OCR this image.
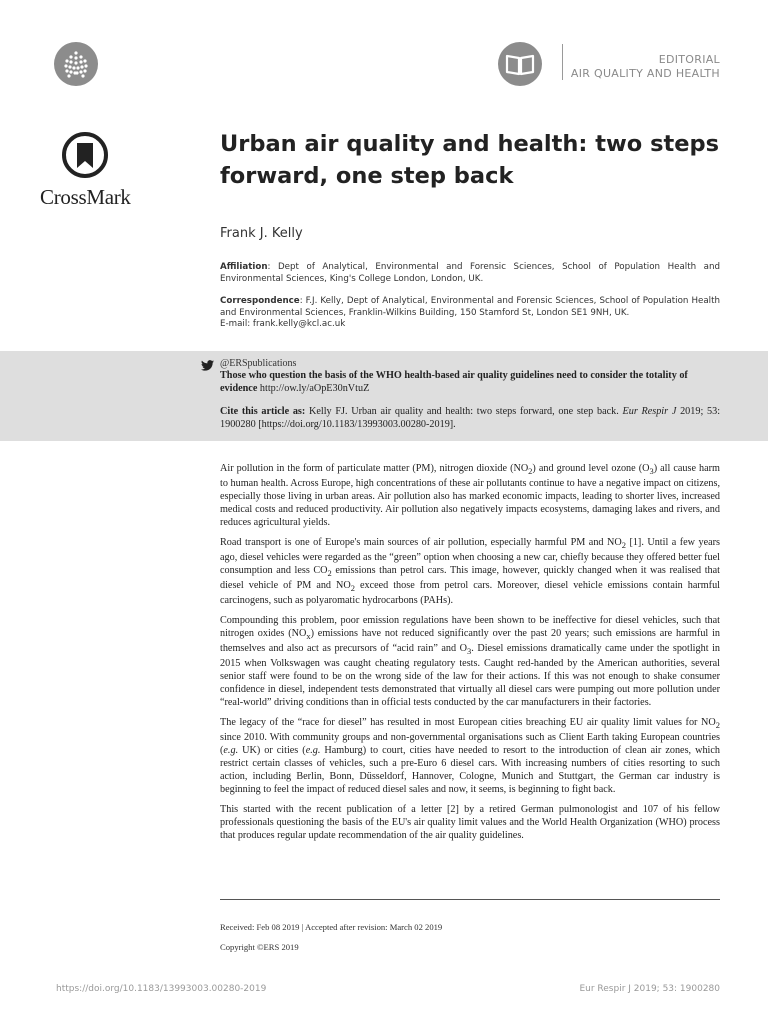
EDITORIAL
AIR QUALITY AND HEALTH
CrossMark
Urban air quality and health: two steps forward, one step back
Frank J. Kelly
Affiliation: Dept of Analytical, Environmental and Forensic Sciences, School of Population Health and Environmental Sciences, King's College London, London, UK.
Correspondence: F.J. Kelly, Dept of Analytical, Environmental and Forensic Sciences, School of Population Health and Environmental Sciences, Franklin-Wilkins Building, 150 Stamford St, London SE1 9NH, UK.
E-mail: frank.kelly@kcl.ac.uk
@ERSpublications
Those who question the basis of the WHO health-based air quality guidelines need to consider the totality of evidence http://ow.ly/aOpE30nVtuZ
Cite this article as: Kelly FJ. Urban air quality and health: two steps forward, one step back. Eur Respir J 2019; 53: 1900280 [https://doi.org/10.1183/13993003.00280-2019].

Air pollution in the form of particulate matter (PM), nitrogen dioxide $(NO_2)$ and ground level ozone $(O_3)$ all cause harm to human health. Across Europe, high concentrations of these air pollutants continue to have a negative impact on citizens, especially those living in urban areas. Air pollution also has marked economic impacts, leading to shorter lives, increased medical costs and reduced productivity. Air pollution also negatively impacts ecosystems, damaging lakes and rivers, and reduces agricultural yields.

Road transport is one of Europe's main sources of air pollution, especially harmful PM and $NO_2$ [1]. Until a few years ago, diesel vehicles were regarded as the “green” option when choosing a new car, chiefly because they offered better fuel consumption and less $CO_2$ emissions than petrol cars. This image, however, quickly changed when it was realised that diesel vehicle of PM and $NO_2$ exceed those from petrol cars. Moreover, diesel vehicle emissions contain harmful carcinogens, such as polyaromatic hydrocarbons (PAHs).

Compounding this problem, poor emission regulations have been shown to be ineffective for diesel vehicles, such that nitrogen oxides $(NO_x)$ emissions have not reduced significantly over the past 20 years; such emissions are harmful in themselves and also act as precursors of “acid rain” and $O_3$. Diesel emissions dramatically came under the spotlight in 2015 when Volkswagen was caught cheating regulatory tests. Caught red-handed by the American authorities, several senior staff were found to be on the wrong side of the law for their actions. If this was not enough to shake consumer confidence in diesel, independent tests demonstrated that virtually all diesel cars were pumping out more pollution under “real-world” driving conditions than in official tests conducted by the car manufacturers in their factories.

The legacy of the “race for diesel” has resulted in most European cities breaching EU air quality limit values for $NO_2$ since 2010. With community groups and non-governmental organisations such as Client Earth taking European countries (e.g. UK) or cities (e.g. Hamburg) to court, cities have needed to resort to the introduction of clean air zones, which restrict certain classes of vehicles, such a pre-Euro 6 diesel cars. With increasing numbers of cities resorting to such action, including Berlin, Bonn, Düsseldorf, Hannover, Cologne, Munich and Stuttgart, the German car industry is beginning to feel the impact of reduced diesel sales and now, it seems, is beginning to fight back.

This started with the recent publication of a letter [2] by a retired German pulmonologist and 107 of his fellow professionals questioning the basis of the EU's air quality limit values and the World Health Organization (WHO) process that produces regular update recommendation of the air quality guidelines.

Received: Feb 08 2019 | Accepted after revision: March 02 2019
Copyright ©ERS 2019
https://doi.org/10.1183/13993003.00280-2019	Eur Respir J 2019; 53: 1900280
